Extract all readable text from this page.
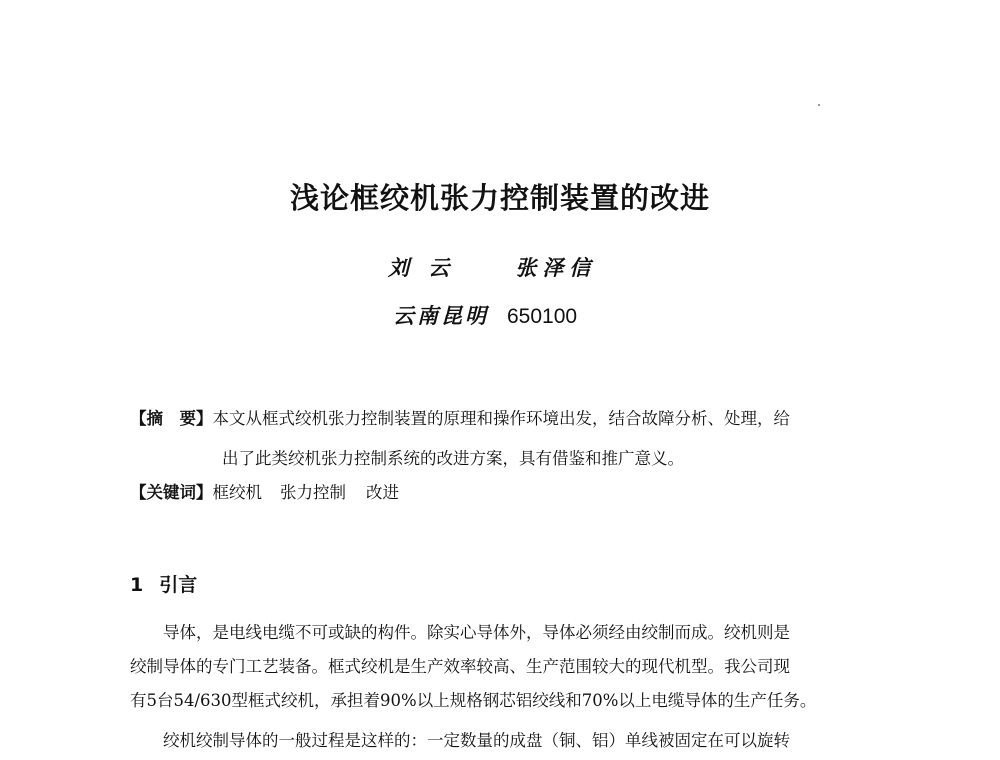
浅论框绞机张力控制装置的改进
刘 云	张泽信
云南昆明 650100
【摘　要】本文从框式绞机张力控制装置的原理和操作环境出发，结合故障分析、处理，给
出了此类绞机张力控制系统的改进方案，具有借鉴和推广意义。
【关键词】框绞机 张力控制 改进
1 引言
导体，是电线电缆不可或缺的构件。除实心导体外，导体必须经由绞制而成。绞机则是
绞制导体的专门工艺装备。框式绞机是生产效率较高、生产范围较大的现代机型。我公司现
有5台54/630型框式绞机，承担着90%以上规格钢芯铝绞线和70%以上电缆导体的生产任务。
绞机绞制导体的一般过程是这样的：一定数量的成盘（铜、铝）单线被固定在可以旋转
